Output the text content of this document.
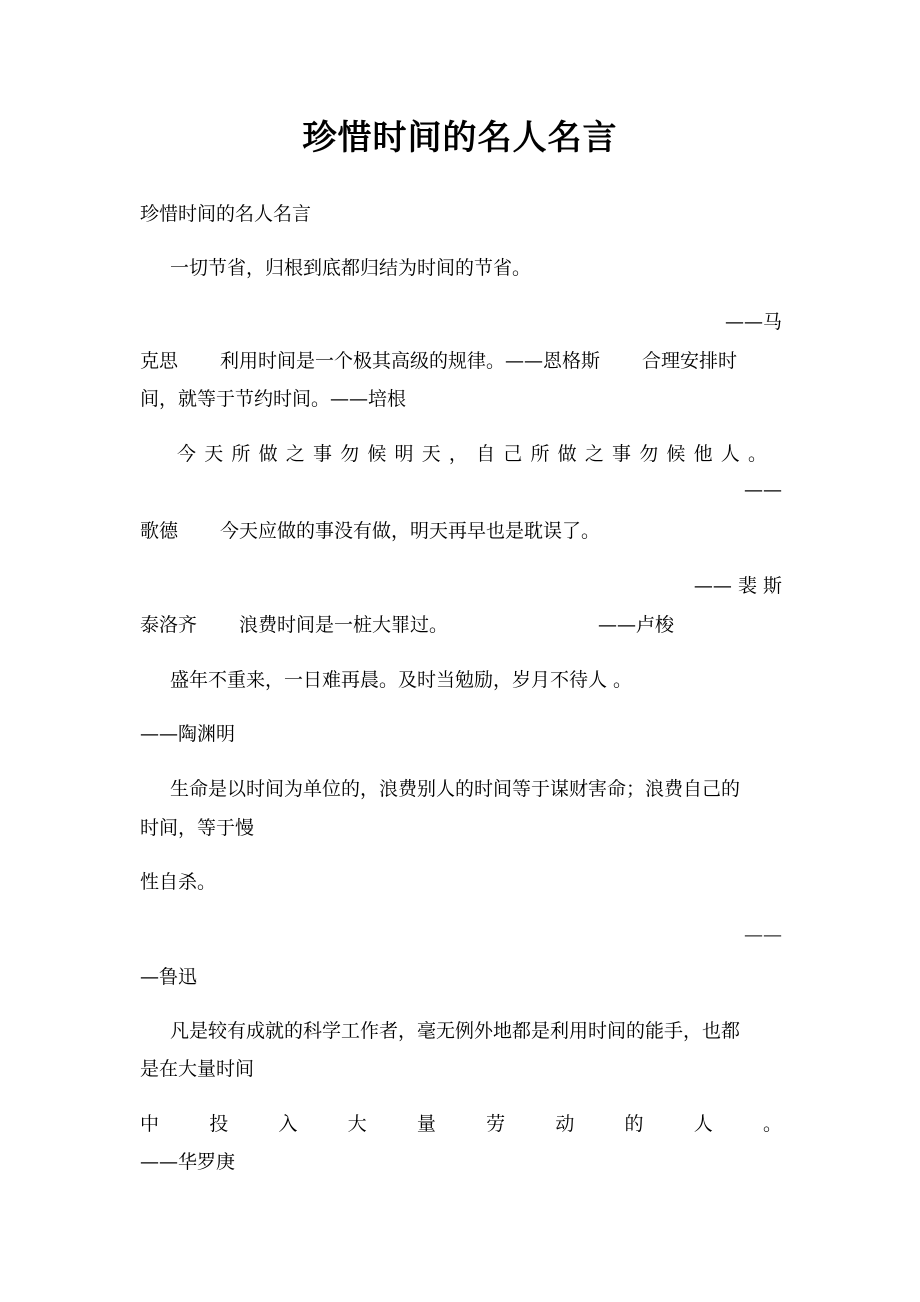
珍惜时间的名人名言
珍惜时间的名人名言
一切节省，归根到底都归结为时间的节省。
——马
克思 利用时间是一个极其高级的规律。——恩格斯 合理安排时
间，就等于节约时间。——培根
今 天 所 做 之 事 勿 候 明 天 ， 自 己 所 做 之 事 勿 候 他 人 。
——
歌德 今天应做的事没有做，明天再早也是耽误了。
—— 裴 斯
泰洛齐 浪费时间是一桩大罪过。	——卢梭
盛年不重来，一日难再晨。及时当勉励，岁月不待人 。
——陶渊明
生命是以时间为单位的，浪费别人的时间等于谋财害命；浪费自己的
时间，等于慢
性自杀。
——
—鲁迅
凡是较有成就的科学工作者，毫无例外地都是利用时间的能手，也都
是在大量时间
中	投	入	大	量	劳	动	的	人	。
——华罗庚
